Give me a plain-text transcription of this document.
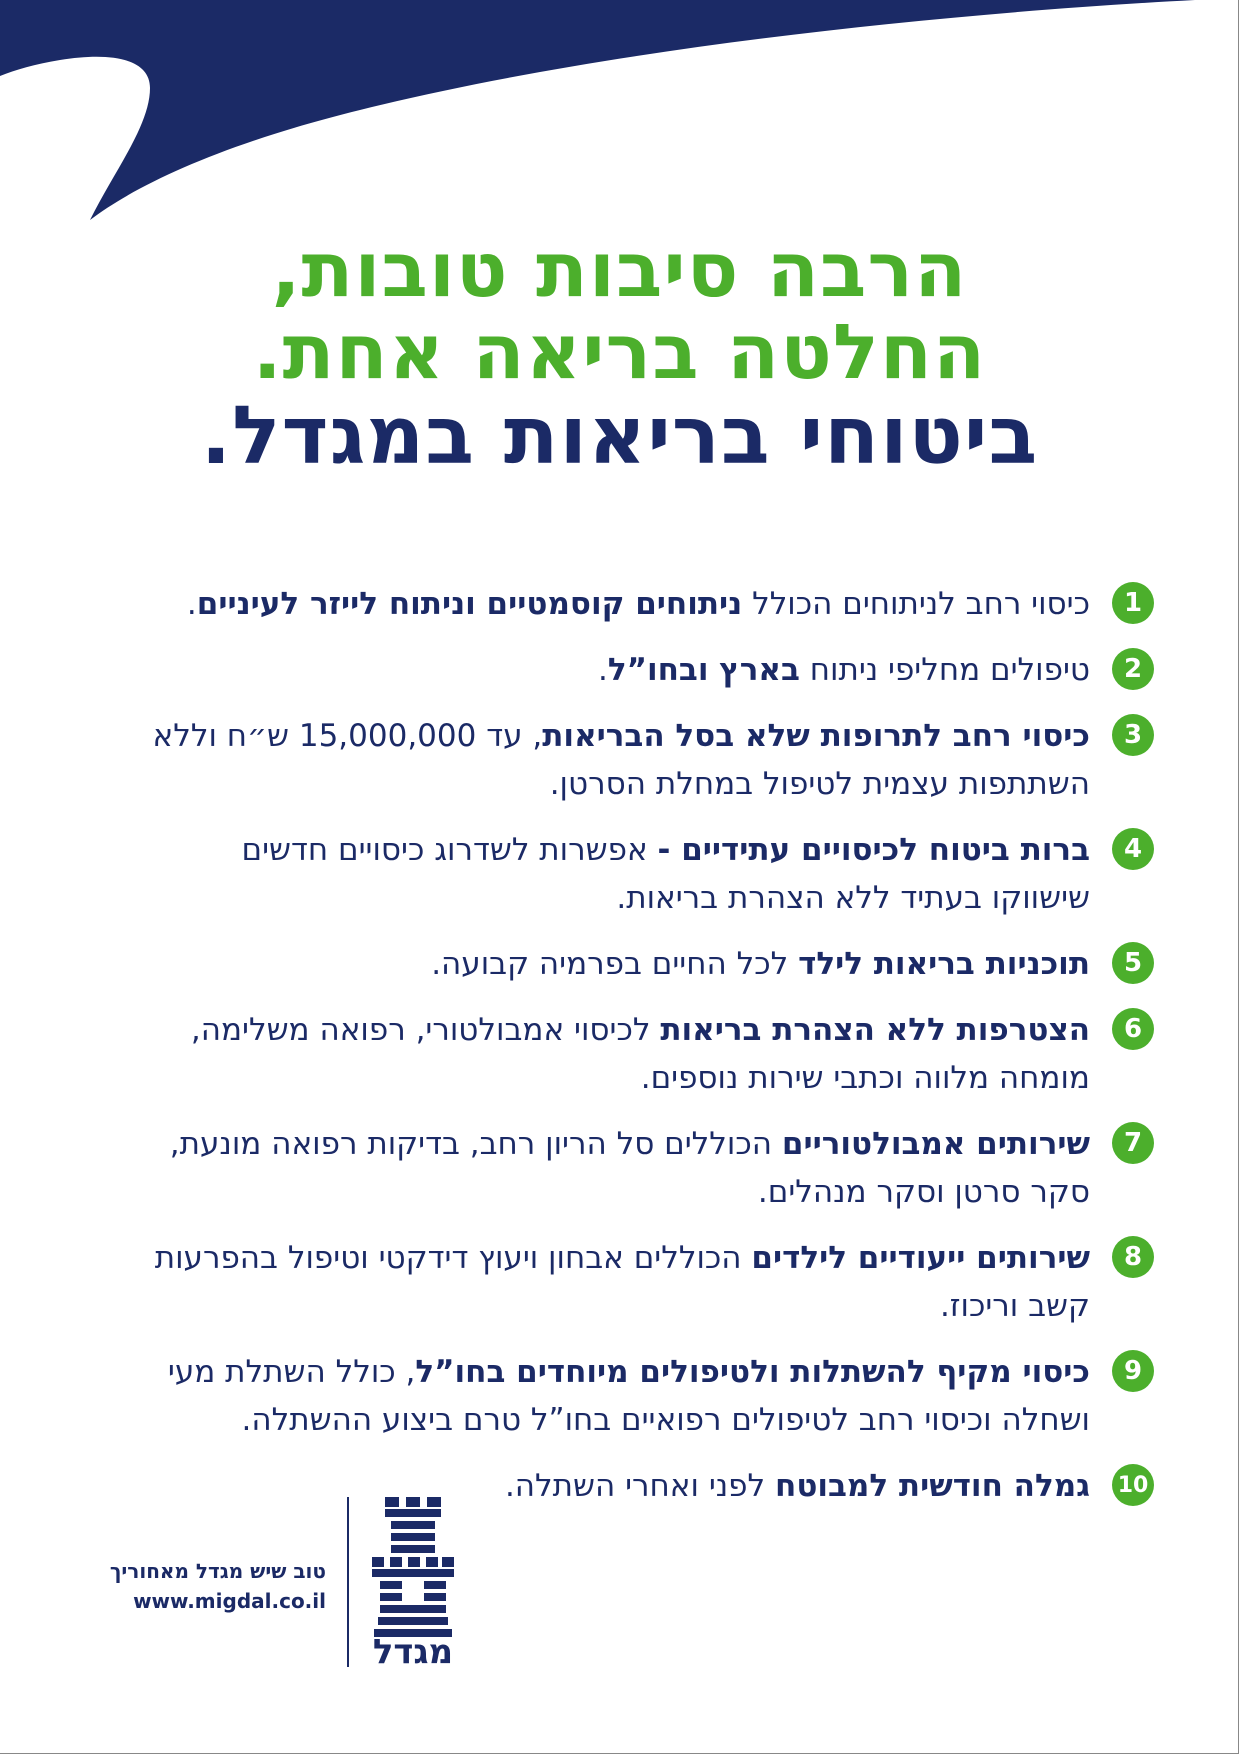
הרבה סיבות טובות,
החלטה בריאה אחת.
ביטוחי בריאות במגדל.
1
כיסוי רחב לניתוחים הכולל ניתוחים קוסמטיים וניתוח לייזר לעיניים.
2
טיפולים מחליפי ניתוח בארץ ובחו”ל.
3
כיסוי רחב לתרופות שלא בסל הבריאות, עד 15,000,000 ש״ח וללא השתתפות עצמית לטיפול במחלת הסרטן.
4
ברות ביטוח לכיסויים עתידיים - אפשרות לשדרוג כיסויים חדשים שישווקו בעתיד ללא הצהרת בריאות.
5
תוכניות בריאות לילד לכל החיים בפרמיה קבועה.
6
הצטרפות ללא הצהרת בריאות לכיסוי אמבולטורי, רפואה משלימה, מומחה מלווה וכתבי שירות נוספים.
7
שירותים אמבולטוריים הכוללים סל הריון רחב, בדיקות רפואה מונעת, סקר סרטן וסקר מנהלים.
8
שירותים ייעודיים לילדים הכוללים אבחון ויעוץ דידקטי וטיפול בהפרעות קשב וריכוז.
9
כיסוי מקיף להשתלות ולטיפולים מיוחדים בחו”ל, כולל השתלת מעי ושחלה וכיסוי רחב לטיפולים רפואיים בחו”ל טרם ביצוע ההשתלה.
10
גמלה חודשית למבוטח לפני ואחרי השתלה.
טוב שיש מגדל מאחוריך
www.migdal.co.il
מגדל
